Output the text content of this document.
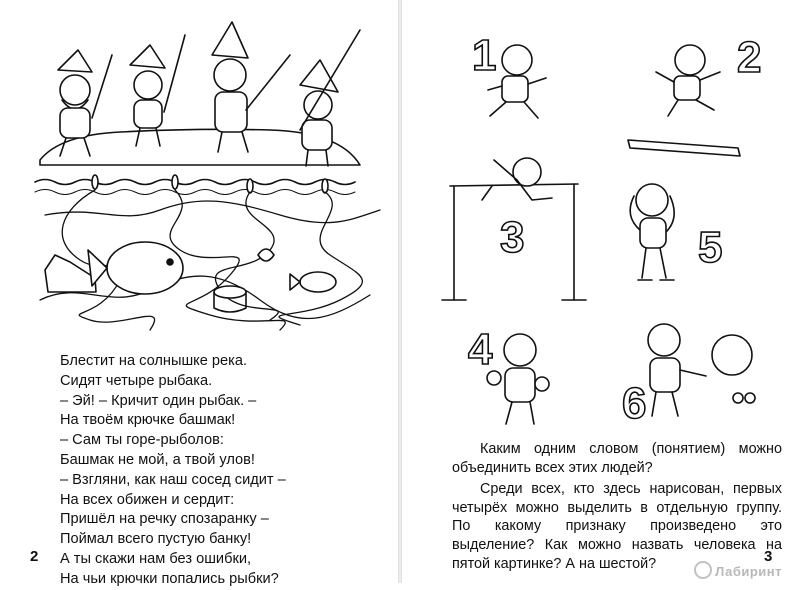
Блестит на солнышке река.
Сидят четыре рыбака.
– Эй! – Кричит один рыбак. –
На твоём крючке башмак!
– Сам ты горе-рыболов:
Башмак не мой, а твой улов!
– Взгляни, как наш сосед сидит –
На всех обижен и сердит:
Пришёл на речку спозаранку –
Поймал всего пустую банку!
А ты скажи нам без ошибки,
На чьи крючки попались рыбки?
2
1	2
3
4
5
6

Каким одним словом (понятием) можно объединить всех этих людей?

Среди всех, кто здесь нарисован, первых четырёх можно выделить в отдельную группу. По какому признаку произведено это выделение? Как можно назвать человека на пятой картинке? А на шестой?	3
Лабиринт
